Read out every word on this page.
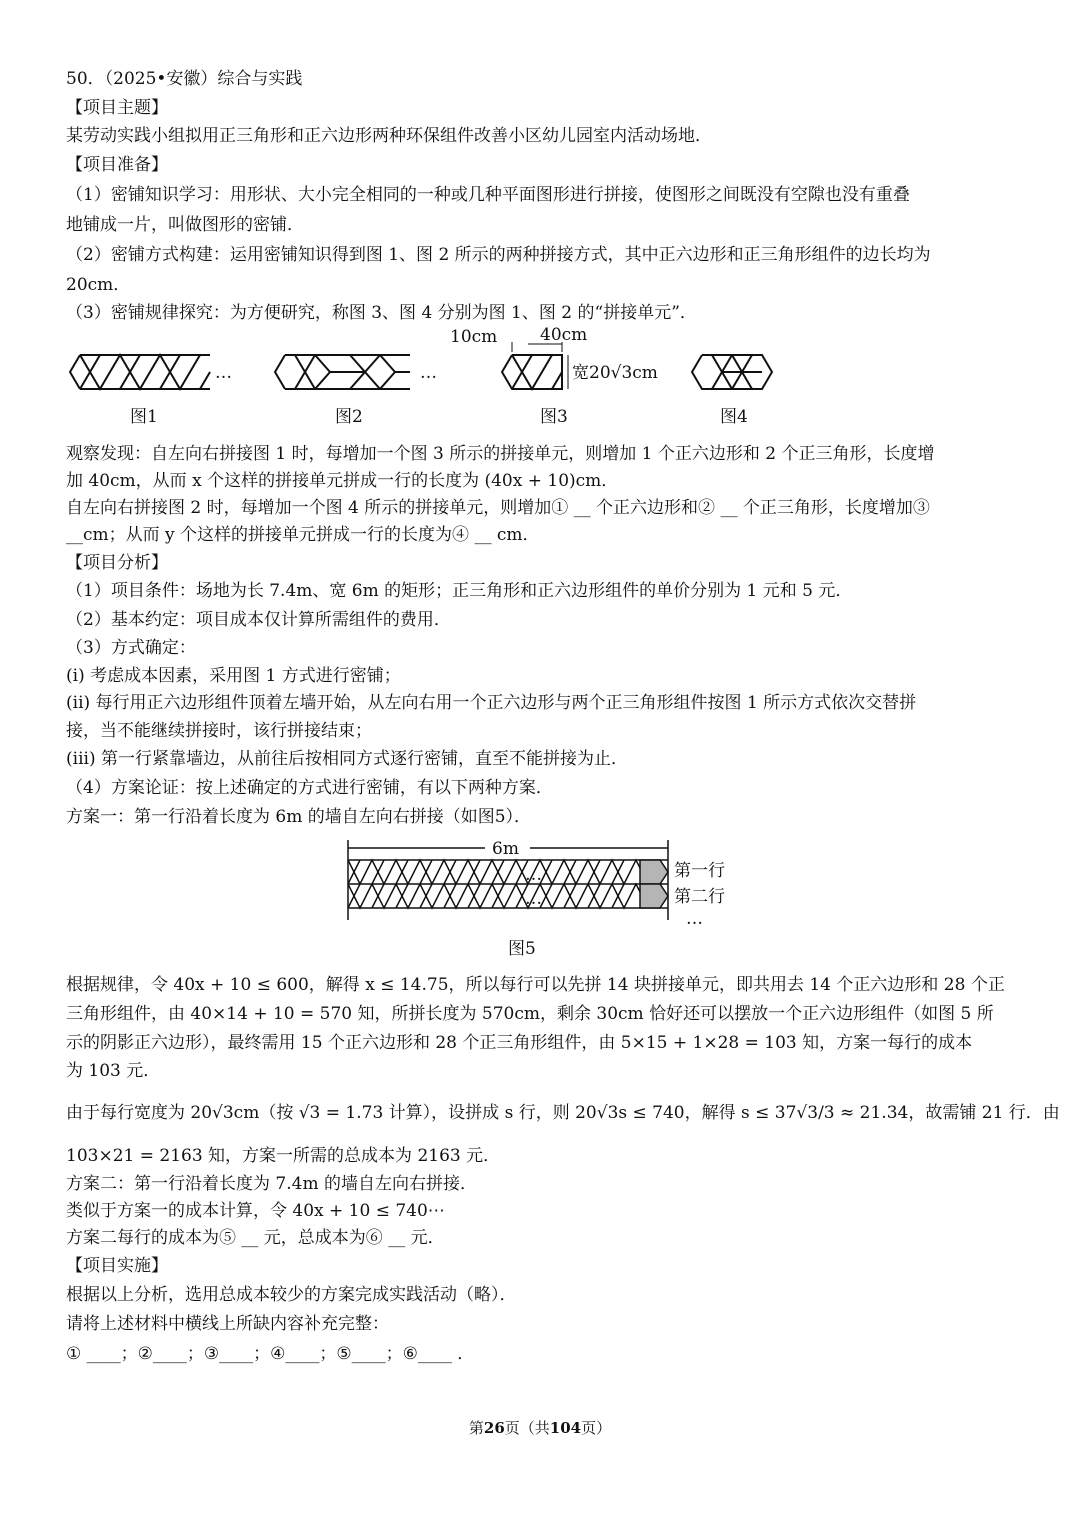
50．（2025•安徽）综合与实践
【项目主题】
某劳动实践小组拟用正三角形和正六边形两种环保组件改善小区幼儿园室内活动场地．
【项目准备】
（1）密铺知识学习：用形状、大小完全相同的一种或几种平面图形进行拼接，使图形之间既没有空隙也没有重叠
地铺成一片，叫做图形的密铺．
（2）密铺方式构建：运用密铺知识得到图 1、图 2 所示的两种拼接方式，其中正六边形和正三角形组件的边长均为
20cm．
（3）密铺规律探究：为方便研究，称图 3、图 4 分别为图 1、图 2 的“拼接单元”．
…	…
10cm	40cm
宽20√3cm
图1	图2	图3	图4
观察发现：自左向右拼接图 1 时，每增加一个图 3 所示的拼接单元，则增加 1 个正六边形和 2 个正三角形，长度增
加 40cm，从而 x 个这样的拼接单元拼成一行的长度为 (40x + 10)cm．
自左向右拼接图 2 时，每增加一个图 4 所示的拼接单元，则增加① __ 个正六边形和② __ 个正三角形，长度增加③
__cm；从而 y 个这样的拼接单元拼成一行的长度为④ __ cm．
【项目分析】
（1）项目条件：场地为长 7.4m、宽 6m 的矩形；正三角形和正六边形组件的单价分别为 1 元和 5 元．
（2）基本约定：项目成本仅计算所需组件的费用．
（3）方式确定：
(i) 考虑成本因素，采用图 1 方式进行密铺；
(ii) 每行用正六边形组件顶着左墙开始，从左向右用一个正六边形与两个正三角形组件按图 1 所示方式依次交替拼
接，当不能继续拼接时，该行拼接结束；
(iii) 第一行紧靠墙边，从前往后按相同方式逐行密铺，直至不能拼接为止．
（4）方案论证：按上述确定的方式进行密铺，有以下两种方案．
方案一：第一行沿着长度为 6m 的墙自左向右拼接（如图5）．
6m
…
…
第一行
第二行
…
图5
根据规律，令 40x + 10 ≤ 600，解得 x ≤ 14.75，所以每行可以先拼 14 块拼接单元，即共用去 14 个正六边形和 28 个正
三角形组件，由 40×14 + 10 = 570 知，所拼长度为 570cm，剩余 30cm 恰好还可以摆放一个正六边形组件（如图 5 所
示的阴影正六边形），最终需用 15 个正六边形和 28 个正三角形组件，由 5×15 + 1×28 = 103 知，方案一每行的成本
为 103 元．
由于每行宽度为 20√3cm（按 √3 = 1.73 计算），设拼成 s 行，则 20√3s ≤ 740，解得 s ≤ 37√3/3 ≈ 21.34，故需铺 21 行．由
103×21 = 2163 知，方案一所需的总成本为 2163 元．
方案二：第一行沿着长度为 7.4m 的墙自左向右拼接．
类似于方案一的成本计算，令 40x + 10 ≤ 740⋯
方案二每行的成本为⑤ __ 元，总成本为⑥ __ 元．
【项目实施】
根据以上分析，选用总成本较少的方案完成实践活动（略）．
请将上述材料中横线上所缺内容补充完整：
① ____；②____；③____；④____；⑤____；⑥____ ．
第26页（共104页）
